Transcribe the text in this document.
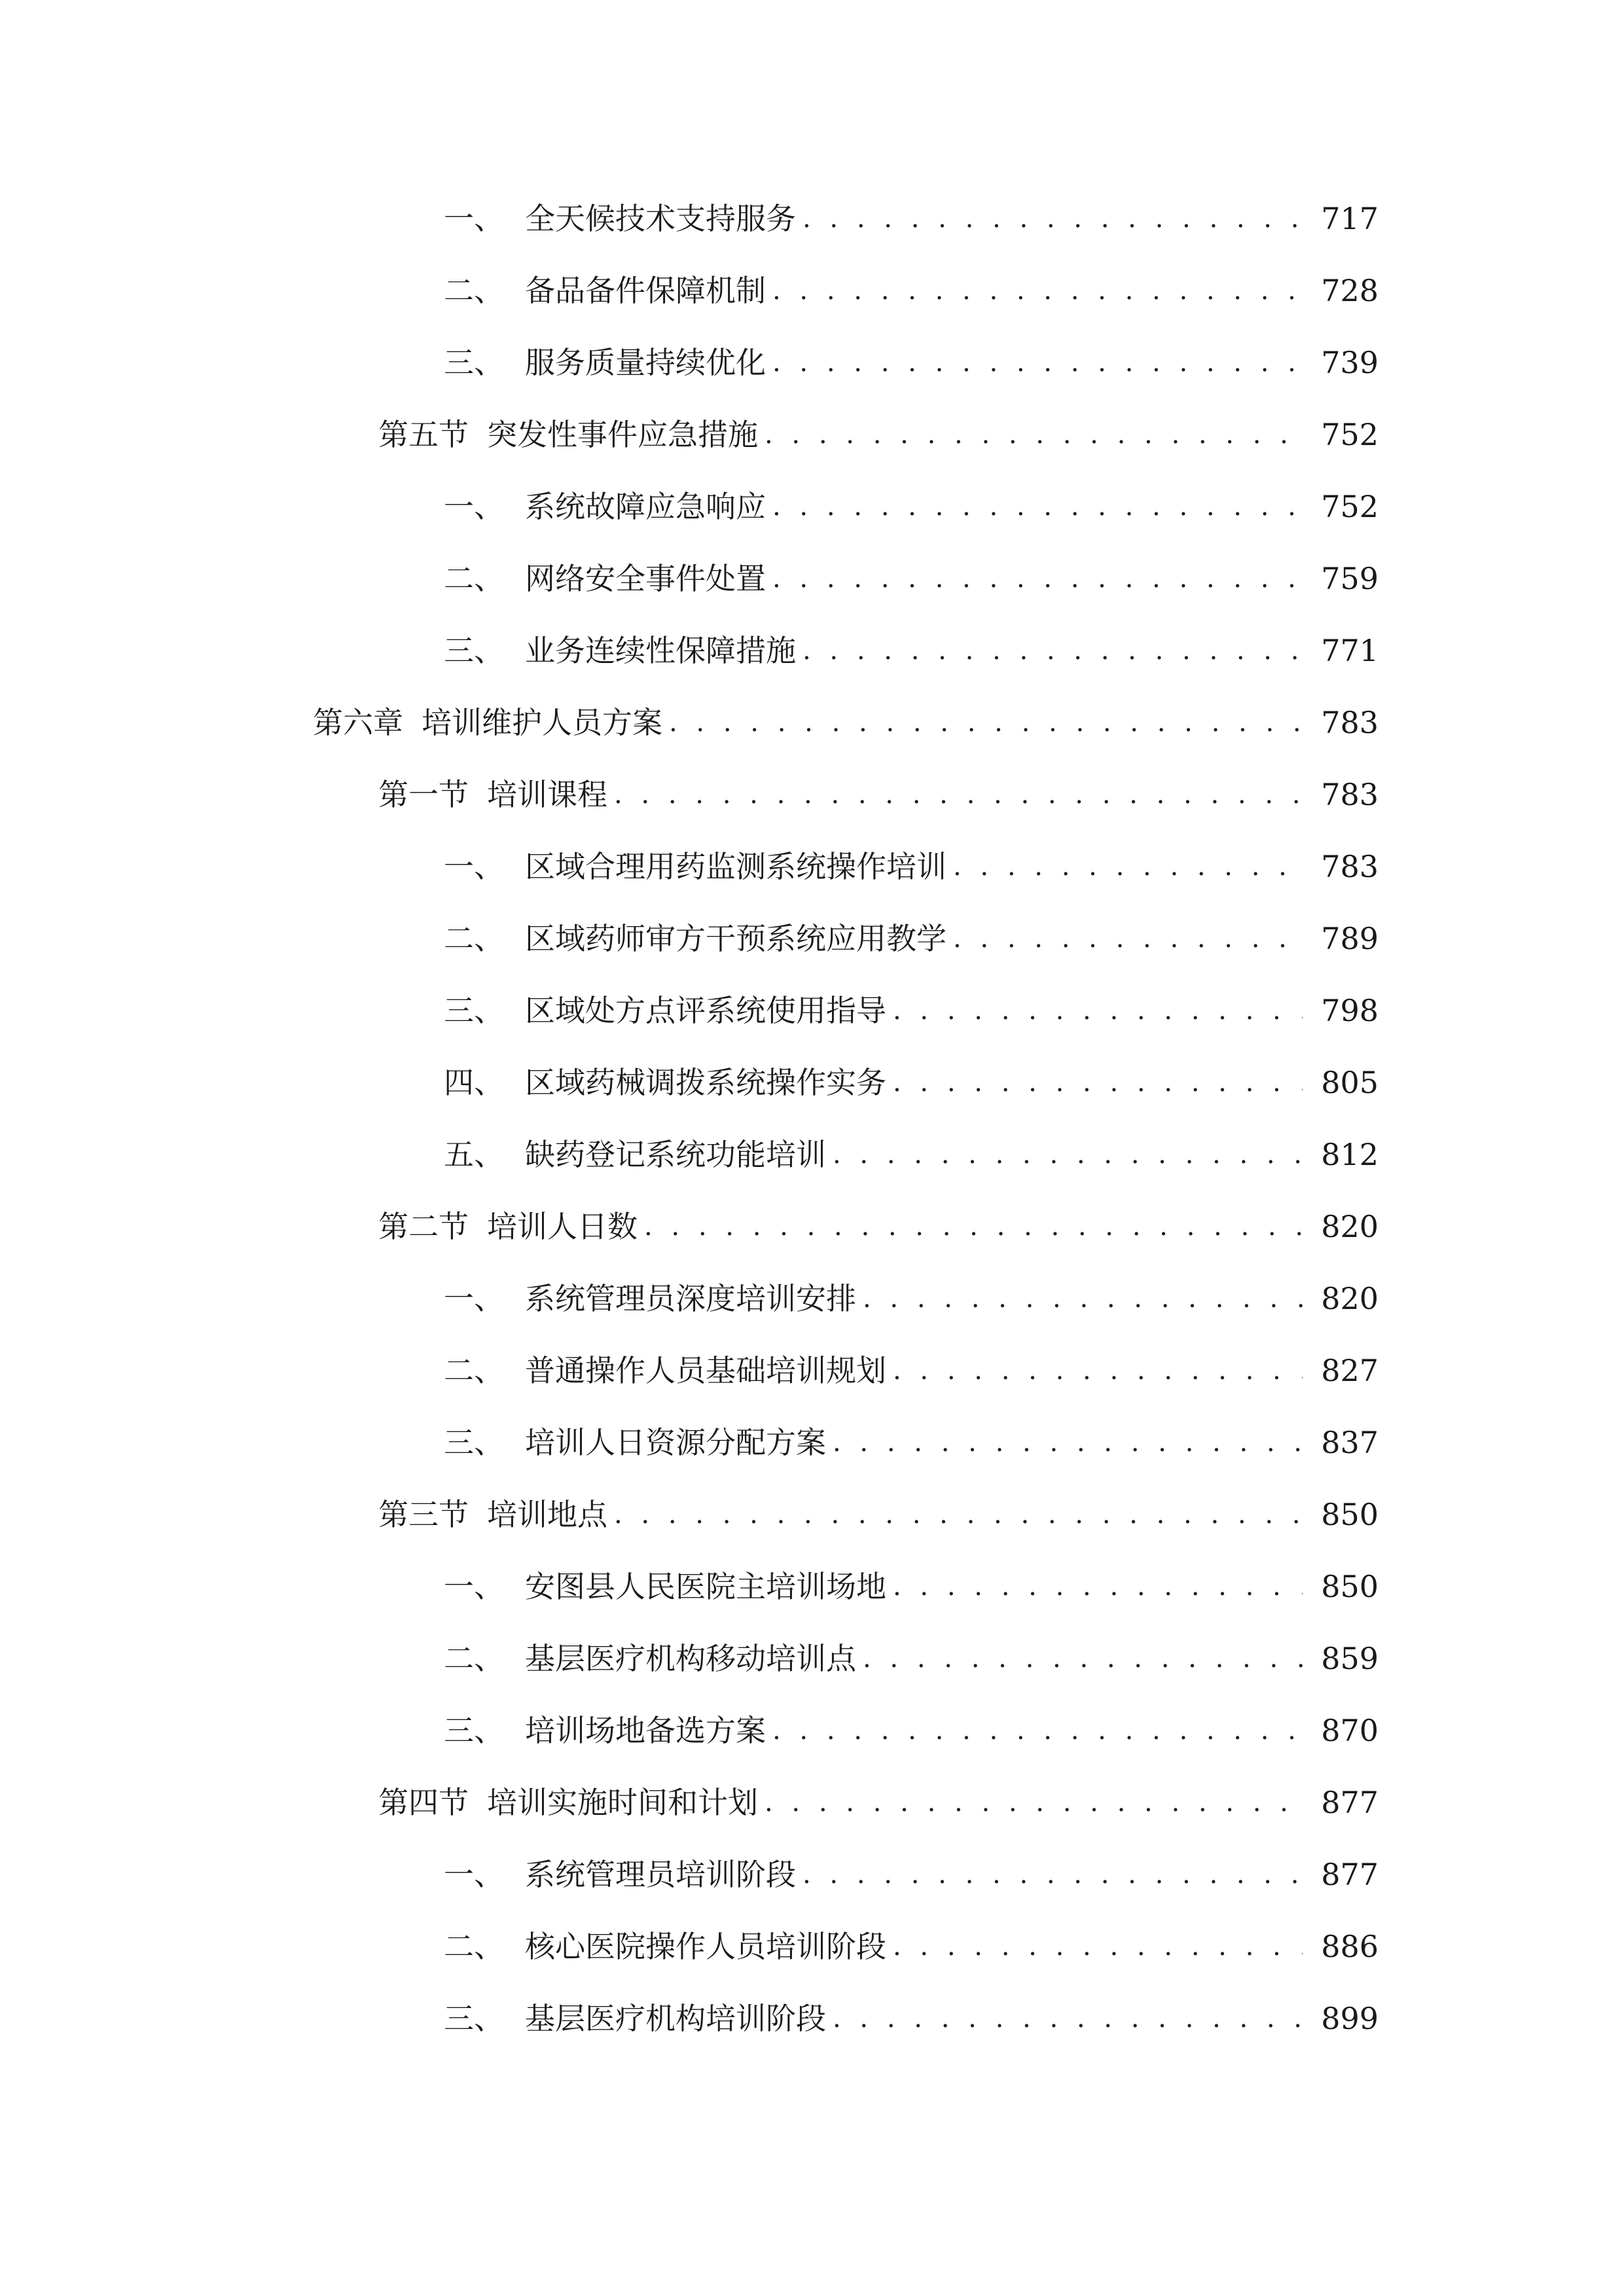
一、 全天候技术支持服务 . . .	717
二、 备品备件保障机制 . . .	728
三、 服务质量持续优化 . . .	739
第五节 突发性事件应急措施 . . .	752
一、 系统故障应急响应 . . .	752
二、 网络安全事件处置 . . .	759
三、 业务连续性保障措施 . . .	771
第六章 培训维护人员方案 . . .	783
第一节 培训课程 . . .	783
一、 区域合理用药监测系统操作培训 . . .	783
二、 区域药师审方干预系统应用教学 . . .	789
三、 区域处方点评系统使用指导 . . .	798
四、 区域药械调拨系统操作实务 . . .	805
五、 缺药登记系统功能培训 . . .	812
第二节 培训人日数 . . .	820
一、 系统管理员深度培训安排 . . .	820
二、 普通操作人员基础培训规划 . . .	827
三、 培训人日资源分配方案 . . .	837
第三节 培训地点 . . .	850
一、 安图县人民医院主培训场地 . . .	850
二、 基层医疗机构移动培训点 . . .	859
三、 培训场地备选方案 . . .	870
第四节 培训实施时间和计划 . . .	877
一、 系统管理员培训阶段 . . .	877
二、 核心医院操作人员培训阶段 . . .	886
三、 基层医疗机构培训阶段 . . .	899
